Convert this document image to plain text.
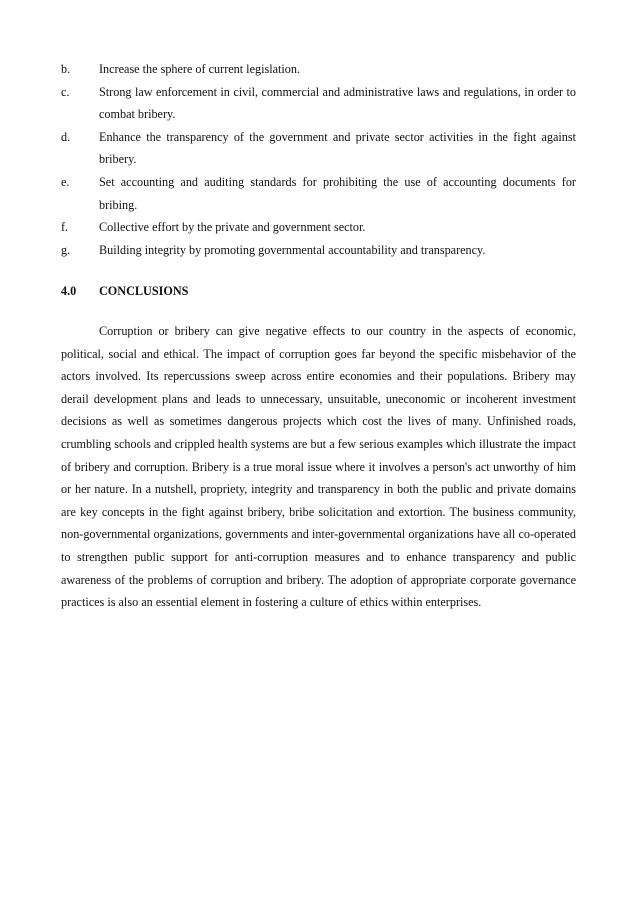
b.	Increase the sphere of current legislation.
c.	Strong law enforcement in civil, commercial and administrative laws and regulations, in order to combat bribery.
d.	Enhance the transparency of the government and private sector activities in the fight against bribery.
e.	Set accounting and auditing standards for prohibiting the use of accounting documents for bribing.
f.	Collective effort by the private and government sector.
g.	Building integrity by promoting governmental accountability and transparency.
4.0	CONCLUSIONS

Corruption or bribery can give negative effects to our country in the aspects of economic, political, social and ethical. The impact of corruption goes far beyond the specific misbehavior of the actors involved. Its repercussions sweep across entire economies and their populations. Bribery may derail development plans and leads to unnecessary, unsuitable, uneconomic or incoherent investment decisions as well as sometimes dangerous projects which cost the lives of many. Unfinished roads, crumbling schools and crippled health systems are but a few serious examples which illustrate the impact of bribery and corruption. Bribery is a true moral issue where it involves a person's act unworthy of him or her nature. In a nutshell, propriety, integrity and transparency in both the public and private domains are key concepts in the fight against bribery, bribe solicitation and extortion. The business community, non-governmental organizations, governments and inter-governmental organizations have all co-operated to strengthen public support for anti-corruption measures and to enhance transparency and public awareness of the problems of corruption and bribery. The adoption of appropriate corporate governance practices is also an essential element in fostering a culture of ethics within enterprises.
